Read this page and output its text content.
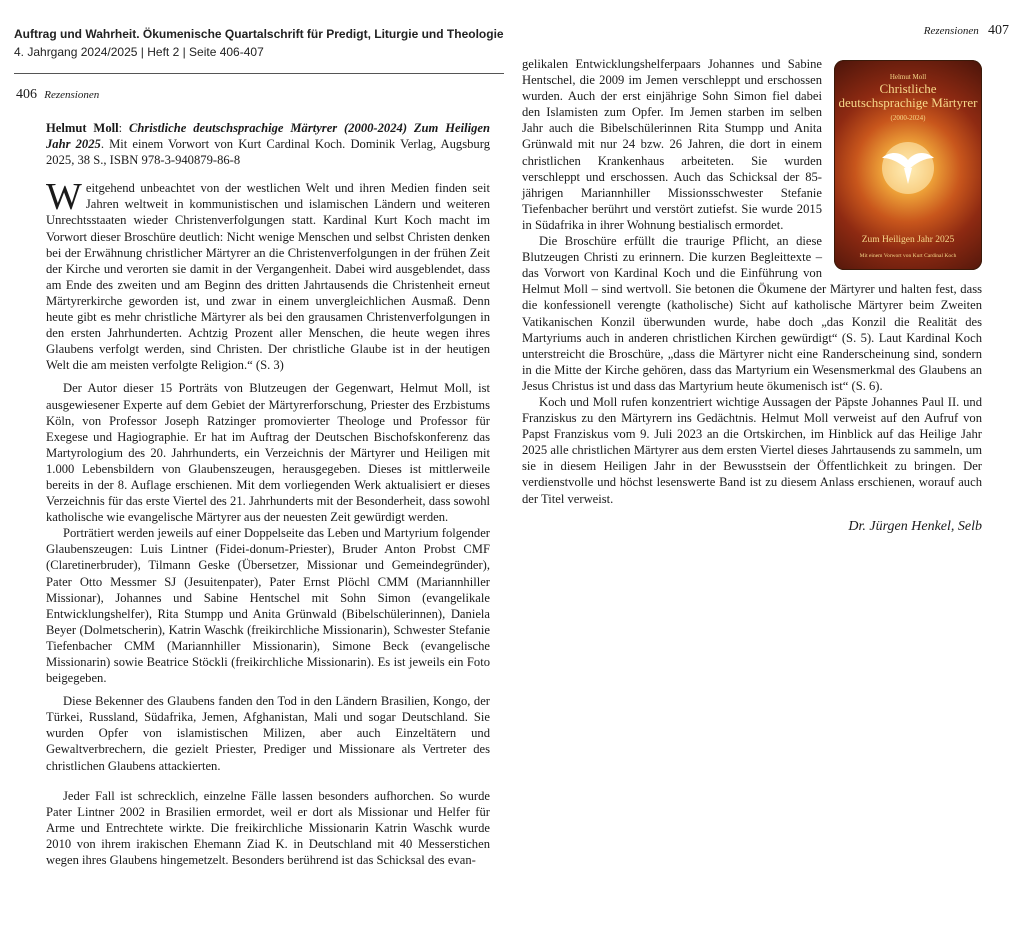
Auftrag und Wahrheit. Ökumenische Quartalschrift für Predigt, Liturgie und Theologie
4. Jahrgang 2024/2025 | Heft 2 | Seite 406-407
406 Rezensionen
Rezensionen 407

Helmut Moll: Christliche deutschsprachige Märtyrer (2000-2024) Zum Heiligen Jahr 2025. Mit einem Vorwort von Kurt Cardinal Koch. Dominik Verlag, Augsburg 2025, 38 S., ISBN 978-3-940879-86-8

Weitgehend unbeachtet von der westlichen Welt und ihren Medien finden seit Jahren weltweit in kommunistischen und islamischen Ländern und weiteren Unrechtsstaaten wieder Christenverfolgungen statt. Kardinal Kurt Koch macht im Vorwort dieser Broschüre deutlich: Nicht wenige Menschen und selbst Christen denken bei der Erwähnung christlicher Märtyrer an die Christenverfolgungen in der frühen Zeit der Kirche und verorten sie damit in der Vergangenheit. Dabei wird ausgeblendet, dass am Ende des zweiten und am Beginn des dritten Jahrtausends die Christenheit erneut Märtyrerkirche geworden ist, und zwar in einem unvergleichlichen Ausmaß. Denn heute gibt es mehr christliche Märtyrer als bei den grausamen Christenverfolgungen in den ersten Jahrhunderten. Achtzig Prozent aller Menschen, die heute wegen ihres Glaubens verfolgt werden, sind Christen. Der christliche Glaube ist in der heutigen Welt die am meisten verfolgte Religion.“ (S. 3)

Der Autor dieser 15 Porträts von Blutzeugen der Gegenwart, Helmut Moll, ist ausgewiesener Experte auf dem Gebiet der Märtyrerforschung, Priester des Erzbistums Köln, von Professor Joseph Ratzinger promovierter Theologe und Professor für Exegese und Hagiographie. Er hat im Auftrag der Deutschen Bischofskonferenz das Martyrologium des 20. Jahrhunderts, ein Verzeichnis der Märtyrer und Heiligen mit 1.000 Lebensbildern von Glaubenszeugen, herausgegeben. Dieses ist mittlerweile bereits in der 8. Auflage erschienen. Mit dem vorliegenden Werk aktualisiert er dieses Verzeichnis für das erste Viertel des 21. Jahrhunderts mit der Besonderheit, dass sowohl katholische wie evangelische Märtyrer aus der neuesten Zeit gewürdigt werden.

Porträtiert werden jeweils auf einer Doppelseite das Leben und Martyrium folgender Glaubenszeugen: Luis Lintner (Fidei-donum-Priester), Bruder Anton Probst CMF (Claretinerbruder), Tilmann Geske (Übersetzer, Missionar und Gemeindegründer), Pater Otto Messmer SJ (Jesuitenpater), Pater Ernst Plöchl CMM (Mariannhiller Missionar), Johannes und Sabine Hentschel mit Sohn Simon (evangelikale Entwicklungshelfer), Rita Stumpp und Anita Grünwald (Bibelschülerinnen), Daniela Beyer (Dolmetscherin), Katrin Waschk (freikirchliche Missionarin), Schwester Stefanie Tiefenbacher CMM (Mariannhiller Missionarin), Simone Beck (evangelische Missionarin) sowie Beatrice Stöckli (freikirchliche Missionarin). Es ist jeweils ein Foto beigegeben.

Diese Bekenner des Glaubens fanden den Tod in den Ländern Brasilien, Kongo, der Türkei, Russland, Südafrika, Jemen, Afghanistan, Mali und sogar Deutschland. Sie wurden Opfer von islamistischen Milizen, aber auch Einzeltätern und Gewaltverbrechern, die gezielt Priester, Prediger und Missionare als Vertreter des christlichen Glaubens attackierten.

Jeder Fall ist schrecklich, einzelne Fälle lassen besonders aufhorchen. So wurde Pater Lintner 2002 in Brasilien ermordet, weil er dort als Missionar und Helfer für Arme und Entrechtete wirkte. Die freikirchliche Missionarin Katrin Waschk wurde 2010 von ihrem irakischen Ehemann Ziad K. in Deutschland mit 40 Messerstichen wegen ihres Glaubens hingemetzelt. Besonders berührend ist das Schicksal des evan-

Helmut Moll
Christliche deutschsprachige Märtyrer
(2000-2024)
Zum Heiligen Jahr 2025
Mit einem Vorwort von Kurt Cardinal Koch

gelikalen Entwicklungshelferpaars Johannes und Sabine Hentschel, die 2009 im Jemen verschleppt und erschossen wurden. Auch der erst einjährige Sohn Simon fiel dabei den Islamisten zum Opfer. Im Jemen starben im selben Jahr auch die Bibelschülerinnen Rita Stumpp und Anita Grünwald mit nur 24 bzw. 26 Jahren, die dort in einem christlichen Krankenhaus arbeiteten. Sie wurden verschleppt und erschossen. Auch das Schicksal der 85-jährigen Mariannhiller Missionsschwester Stefanie Tiefenbacher berührt und verstört zutiefst. Sie wurde 2015 in Südafrika in ihrer Wohnung bestialisch ermordet.

Die Broschüre erfüllt die traurige Pflicht, an diese Blutzeugen Christi zu erinnern. Die kurzen Begleittexte – das Vorwort von Kardinal Koch und die Einführung von Helmut Moll – sind wertvoll. Sie betonen die Ökumene der Märtyrer und halten fest, dass die konfessionell verengte (katholische) Sicht auf katholische Märtyrer beim Zweiten Vatikanischen Konzil überwunden wurde, habe doch „das Konzil die Realität des Martyriums auch in anderen christlichen Kirchen gewürdigt“ (S. 5). Laut Kardinal Koch unterstreicht die Broschüre, „dass die Märtyrer nicht eine Randerscheinung sind, sondern in die Mitte der Kirche gehören, dass das Martyrium ein Wesensmerkmal des Glaubens an Jesus Christus ist und dass das Martyrium heute ökumenisch ist“ (S. 6).

Koch und Moll rufen konzentriert wichtige Aussagen der Päpste Johannes Paul II. und Franziskus zu den Märtyrern ins Gedächtnis. Helmut Moll verweist auf den Aufruf von Papst Franziskus vom 9. Juli 2023 an die Ortskirchen, im Hinblick auf das Heilige Jahr 2025 alle christlichen Märtyrer aus dem ersten Viertel dieses Jahrtausends zu sammeln, um sie in diesem Heiligen Jahr in der Bewusstsein der Öffentlichkeit zu bringen. Der verdienstvolle und höchst lesenswerte Band ist zu diesem Anlass erschienen, worauf auch der Titel verweist.

Dr. Jürgen Henkel, Selb
